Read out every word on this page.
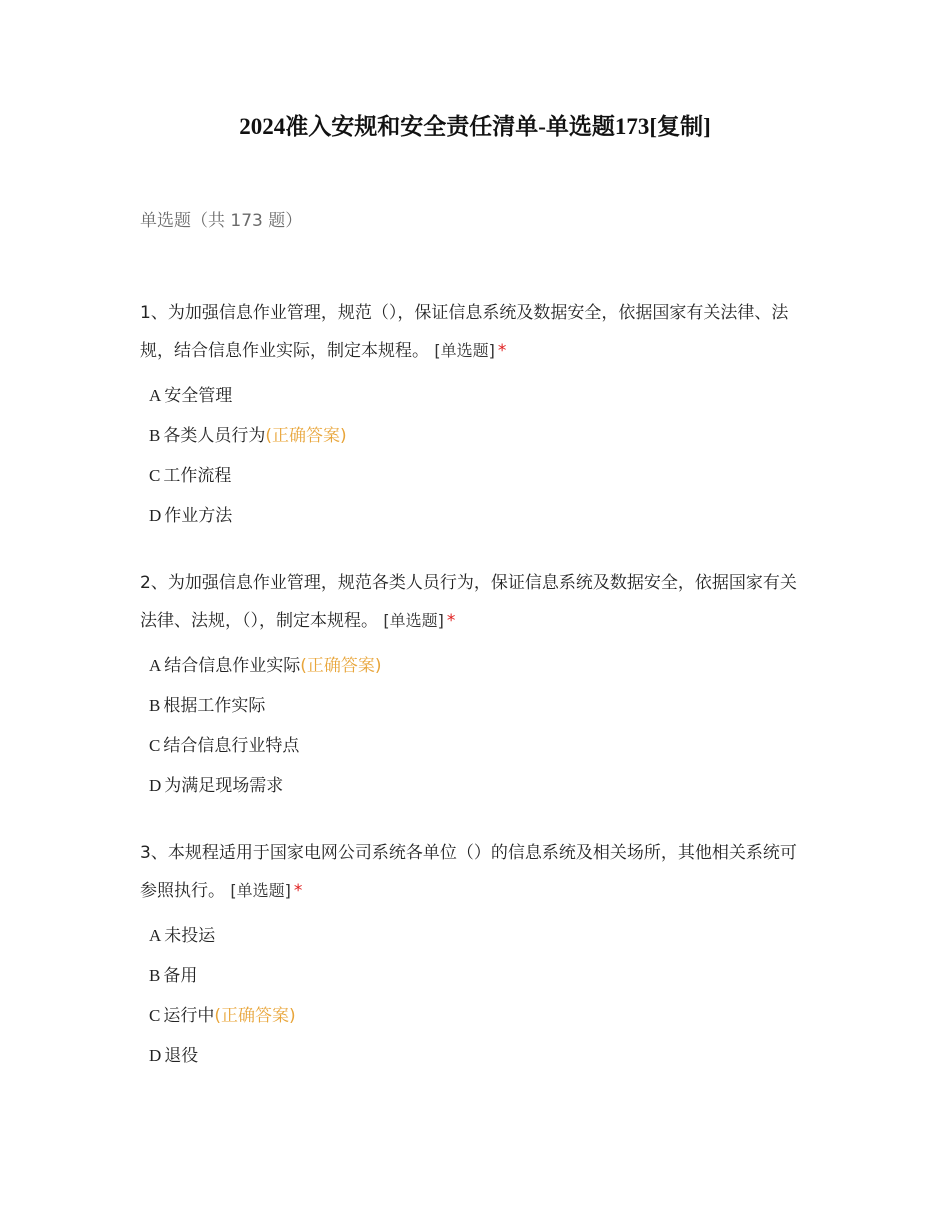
2024准入安规和安全责任清单-单选题173[复制]
单选题（共 173 题）
1、为加强信息作业管理，规范（），保证信息系统及数据安全，依据国家有关法律、法规，结合信息作业实际，制定本规程。 [单选题] *
A 安全管理
B 各类人员行为(正确答案)
C 工作流程
D 作业方法
2、为加强信息作业管理，规范各类人员行为，保证信息系统及数据安全，依据国家有关法律、法规，（），制定本规程。 [单选题] *
A 结合信息作业实际(正确答案)
B 根据工作实际
C 结合信息行业特点
D 为满足现场需求
3、本规程适用于国家电网公司系统各单位（）的信息系统及相关场所，其他相关系统可参照执行。 [单选题] *
A 未投运
B 备用
C 运行中(正确答案)
D 退役
